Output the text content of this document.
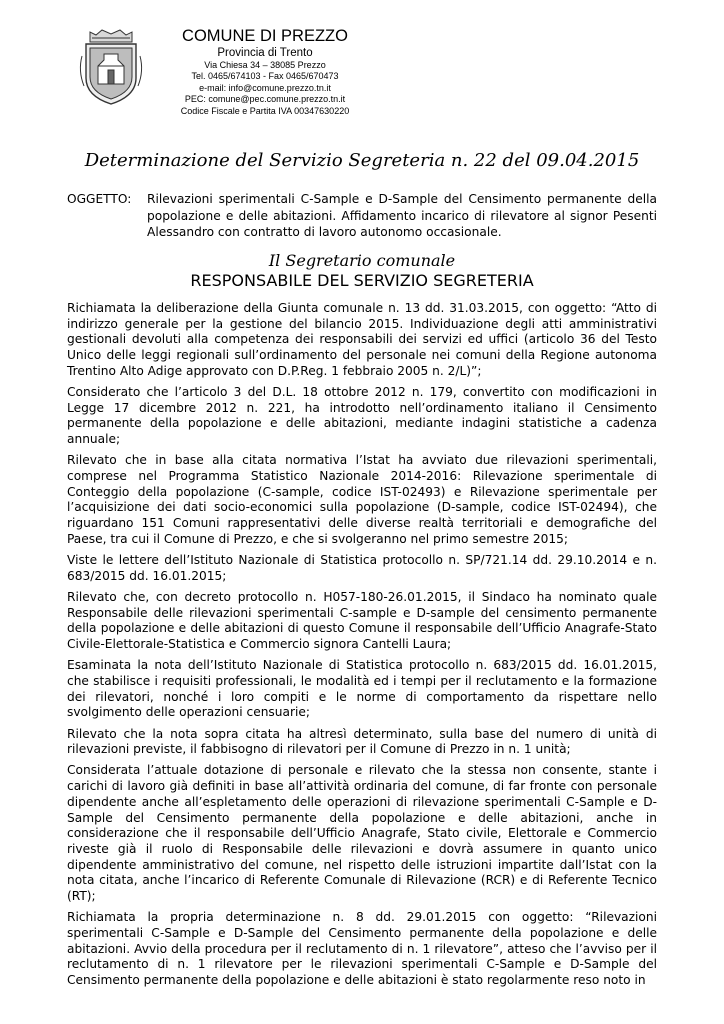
COMUNE DI PREZZO
Provincia di Trento
Via Chiesa 34 – 38085 Prezzo
Tel. 0465/674103 - Fax 0465/670473
e-mail: info@comune.prezzo.tn.it
PEC: comune@pec.comune.prezzo.tn.it
Codice Fiscale e Partita IVA 00347630220
Determinazione del Servizio Segreteria n. 22 del 09.04.2015
OGGETTO: Rilevazioni sperimentali C-Sample e D-Sample del Censimento permanente della popolazione e delle abitazioni. Affidamento incarico di rilevatore al signor Pesenti Alessandro con contratto di lavoro autonomo occasionale.
Il Segretario comunale
RESPONSABILE DEL SERVIZIO SEGRETERIA

Richiamata la deliberazione della Giunta comunale n. 13 dd. 31.03.2015, con oggetto: “Atto di indirizzo generale per la gestione del bilancio 2015. Individuazione degli atti amministrativi gestionali devoluti alla competenza dei responsabili dei servizi ed uffici (articolo 36 del Testo Unico delle leggi regionali sull’ordinamento del personale nei comuni della Regione autonoma Trentino Alto Adige approvato con D.P.Reg. 1 febbraio 2005 n. 2/L)”;

Considerato che l’articolo 3 del D.L. 18 ottobre 2012 n. 179, convertito con modificazioni in Legge 17 dicembre 2012 n. 221, ha introdotto nell’ordinamento italiano il Censimento permanente della popolazione e delle abitazioni, mediante indagini statistiche a cadenza annuale;

Rilevato che in base alla citata normativa l’Istat ha avviato due rilevazioni sperimentali, comprese nel Programma Statistico Nazionale 2014-2016: Rilevazione sperimentale di Conteggio della popolazione (C-sample, codice IST-02493) e Rilevazione sperimentale per l’acquisizione dei dati socio-economici sulla popolazione (D-sample, codice IST-02494), che riguardano 151 Comuni rappresentativi delle diverse realtà territoriali e demografiche del Paese, tra cui il Comune di Prezzo, e che si svolgeranno nel primo semestre 2015;

Viste le lettere dell’Istituto Nazionale di Statistica protocollo n. SP/721.14 dd. 29.10.2014 e n. 683/2015 dd. 16.01.2015;

Rilevato che, con decreto protocollo n. H057-180-26.01.2015, il Sindaco ha nominato quale Responsabile delle rilevazioni sperimentali C-sample e D-sample del censimento permanente della popolazione e delle abitazioni di questo Comune il responsabile dell’Ufficio Anagrafe-Stato Civile-Elettorale-Statistica e Commercio signora Cantelli Laura;

Esaminata la nota dell’Istituto Nazionale di Statistica protocollo n. 683/2015 dd. 16.01.2015, che stabilisce i requisiti professionali, le modalità ed i tempi per il reclutamento e la formazione dei rilevatori, nonché i loro compiti e le norme di comportamento da rispettare nello svolgimento delle operazioni censuarie;

Rilevato che la nota sopra citata ha altresì determinato, sulla base del numero di unità di rilevazioni previste, il fabbisogno di rilevatori per il Comune di Prezzo in n. 1 unità;

Considerata l’attuale dotazione di personale e rilevato che la stessa non consente, stante i carichi di lavoro già definiti in base all’attività ordinaria del comune, di far fronte con personale dipendente anche all’espletamento delle operazioni di rilevazione sperimentali C-Sample e D-Sample del Censimento permanente della popolazione e delle abitazioni, anche in considerazione che il responsabile dell’Ufficio Anagrafe, Stato civile, Elettorale e Commercio riveste già il ruolo di Responsabile delle rilevazioni e dovrà assumere in quanto unico dipendente amministrativo del comune, nel rispetto delle istruzioni impartite dall’Istat con la nota citata, anche l’incarico di Referente Comunale di Rilevazione (RCR) e di Referente Tecnico (RT);

Richiamata la propria determinazione n. 8 dd. 29.01.2015 con oggetto: “Rilevazioni sperimentali C-Sample e D-Sample del Censimento permanente della popolazione e delle abitazioni. Avvio della procedura per il reclutamento di n. 1 rilevatore”, atteso che l’avviso per il reclutamento di n. 1 rilevatore per le rilevazioni sperimentali C-Sample e D-Sample del Censimento permanente della popolazione e delle abitazioni è stato regolarmente reso noto in
